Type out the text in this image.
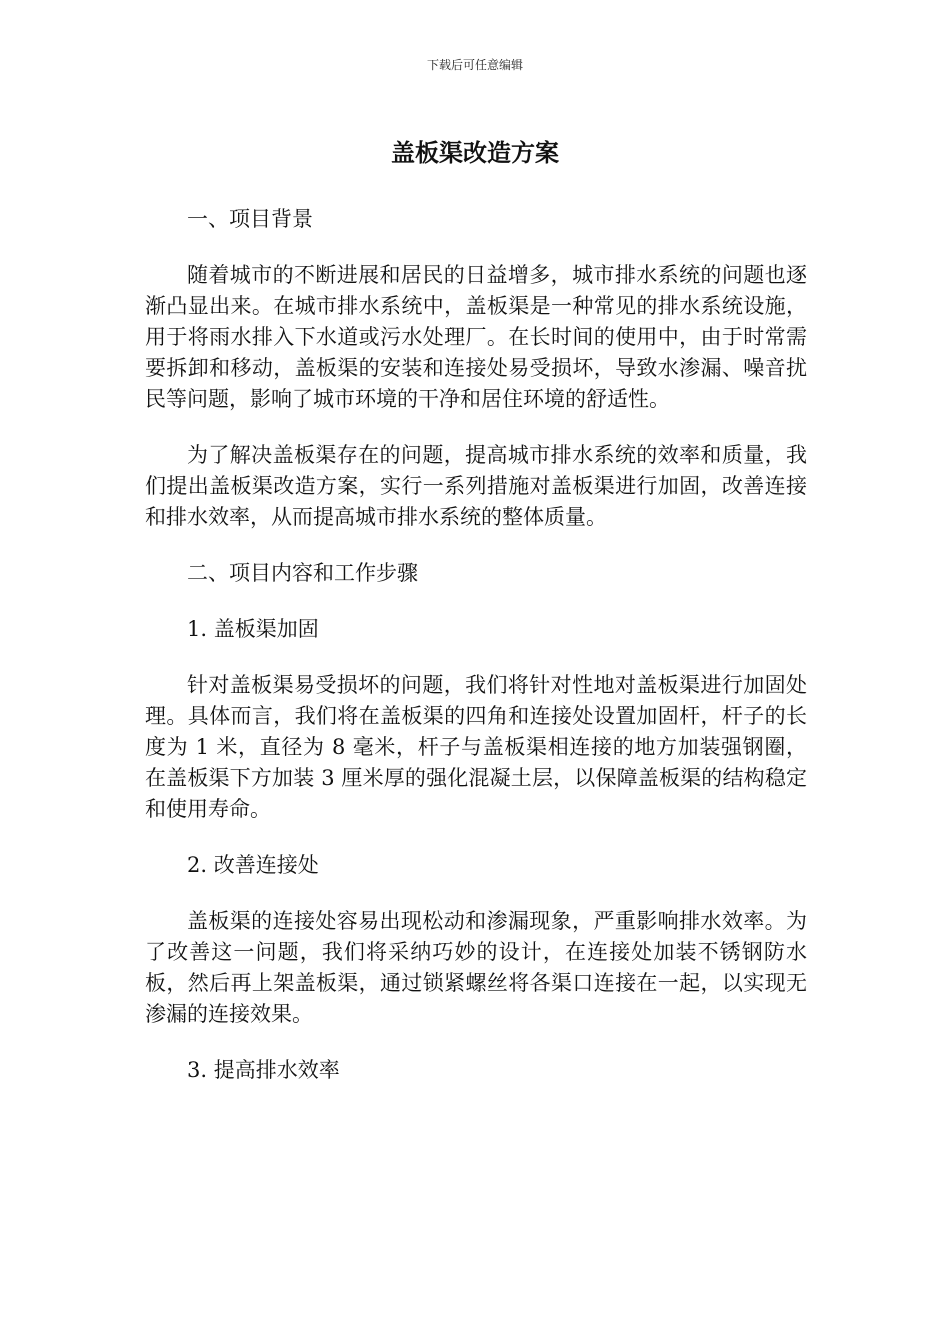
下载后可任意编辑
盖板渠改造方案

一、项目背景

随着城市的不断进展和居民的日益增多，城市排水系统的问题也逐渐凸显出来。在城市排水系统中，盖板渠是一种常见的排水系统设施，用于将雨水排入下水道或污水处理厂。在长时间的使用中，由于时常需要拆卸和移动，盖板渠的安装和连接处易受损坏，导致水渗漏、噪音扰民等问题，影响了城市环境的干净和居住环境的舒适性。

为了解决盖板渠存在的问题，提高城市排水系统的效率和质量，我们提出盖板渠改造方案，实行一系列措施对盖板渠进行加固，改善连接和排水效率，从而提高城市排水系统的整体质量。

二、项目内容和工作步骤

1. 盖板渠加固

针对盖板渠易受损坏的问题，我们将针对性地对盖板渠进行加固处理。具体而言，我们将在盖板渠的四角和连接处设置加固杆，杆子的长度为 1 米，直径为 8 毫米，杆子与盖板渠相连接的地方加装强钢圈，在盖板渠下方加装 3 厘米厚的强化混凝土层，以保障盖板渠的结构稳定和使用寿命。

2. 改善连接处

盖板渠的连接处容易出现松动和渗漏现象，严重影响排水效率。为了改善这一问题，我们将采纳巧妙的设计，在连接处加装不锈钢防水板，然后再上架盖板渠，通过锁紧螺丝将各渠口连接在一起，以实现无渗漏的连接效果。

3. 提高排水效率
